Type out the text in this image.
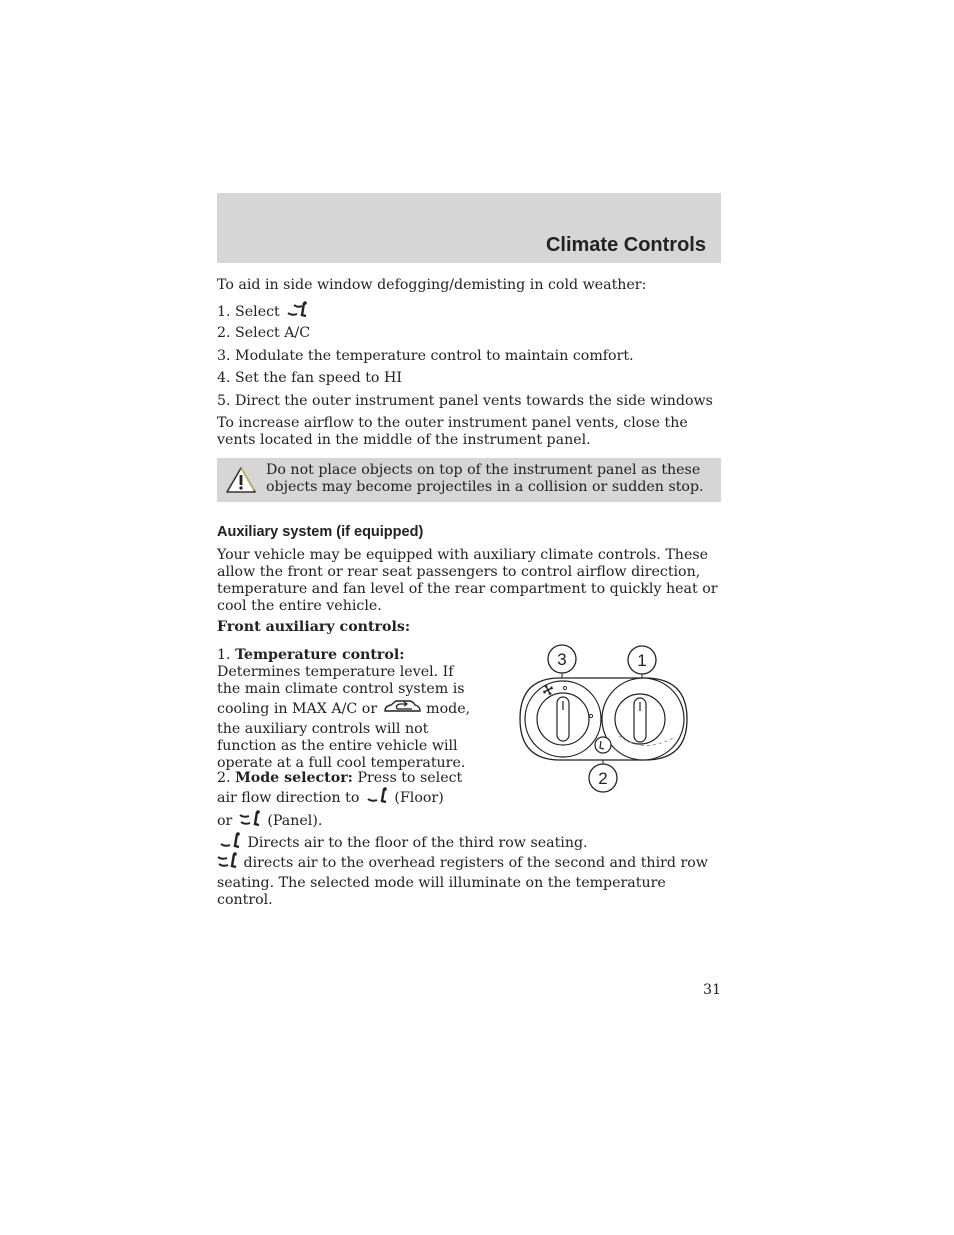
Climate Controls
To aid in side window defogging/demisting in cold weather:
1. Select
2. Select A/C
3. Modulate the temperature control to maintain comfort.
4. Set the fan speed to HI
5. Direct the outer instrument panel vents towards the side windows
To increase airflow to the outer instrument panel vents, close the vents located in the middle of the instrument panel.
Do not place objects on top of the instrument panel as these objects may become projectiles in a collision or sudden stop.
Auxiliary system (if equipped)
Your vehicle may be equipped with auxiliary climate controls. These allow the front or rear seat passengers to control airflow direction, temperature and fan level of the rear compartment to quickly heat or cool the entire vehicle.
Front auxiliary controls:
1. Temperature control: Determines temperature level. If the main climate control system is cooling in MAX A/C or	mode, the auxiliary controls will not function as the entire vehicle will operate at a full cool temperature.
2. Mode selector: Press to select air flow direction to (Floor)
or (Panel).
Directs air to the floor of the third row seating.
directs air to the overhead registers of the second and third row seating. The selected mode will illuminate on the temperature control.
3	1
2
31
